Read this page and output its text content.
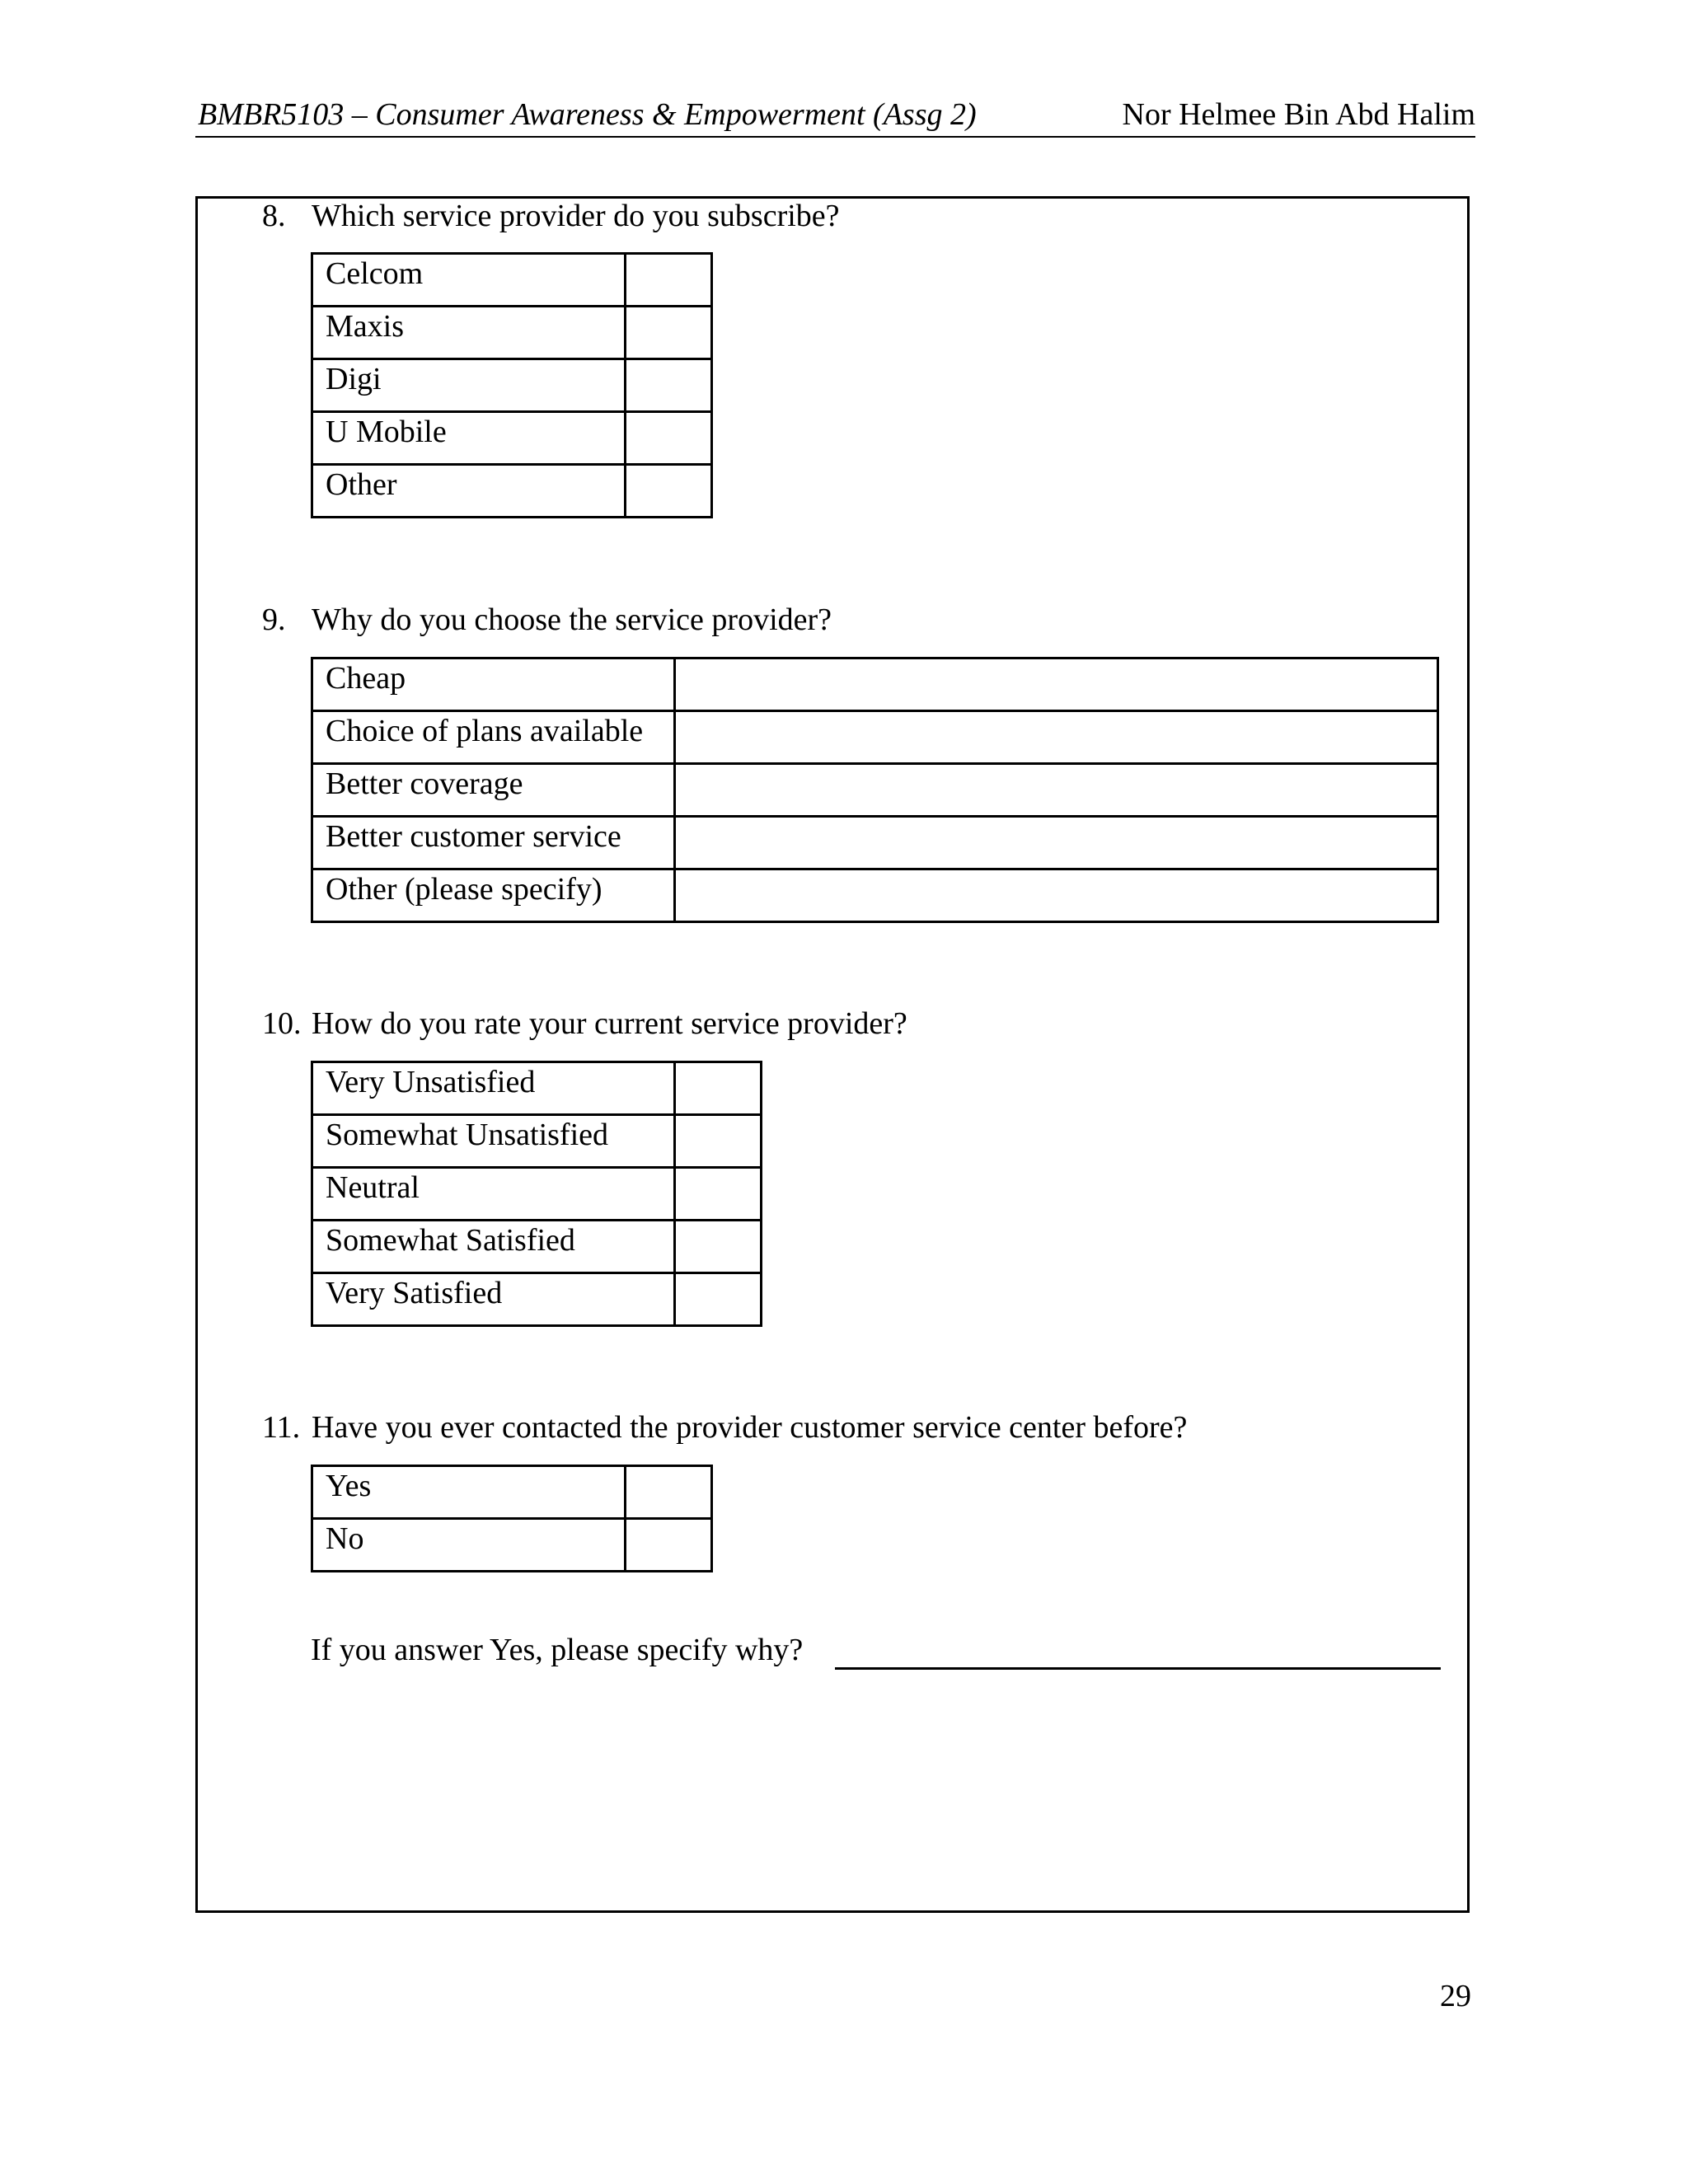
BMBR5103 – Consumer Awareness & Empowerment (Assg 2)	Nor Helmee Bin Abd Halim
8. Which service provider do you subscribe?
Celcom	
Maxis	
Digi	
U Mobile	
Other	
9. Why do you choose the service provider?
Cheap	
Choice of plans available	
Better coverage	
Better customer service	
Other (please specify)	
10. How do you rate your current service provider?
Very Unsatisfied	
Somewhat Unsatisfied	
Neutral	
Somewhat Satisfied	
Very Satisfied	
11. Have you ever contacted the provider customer service center before?
Yes	
No	
If you answer Yes, please specify why?
29
